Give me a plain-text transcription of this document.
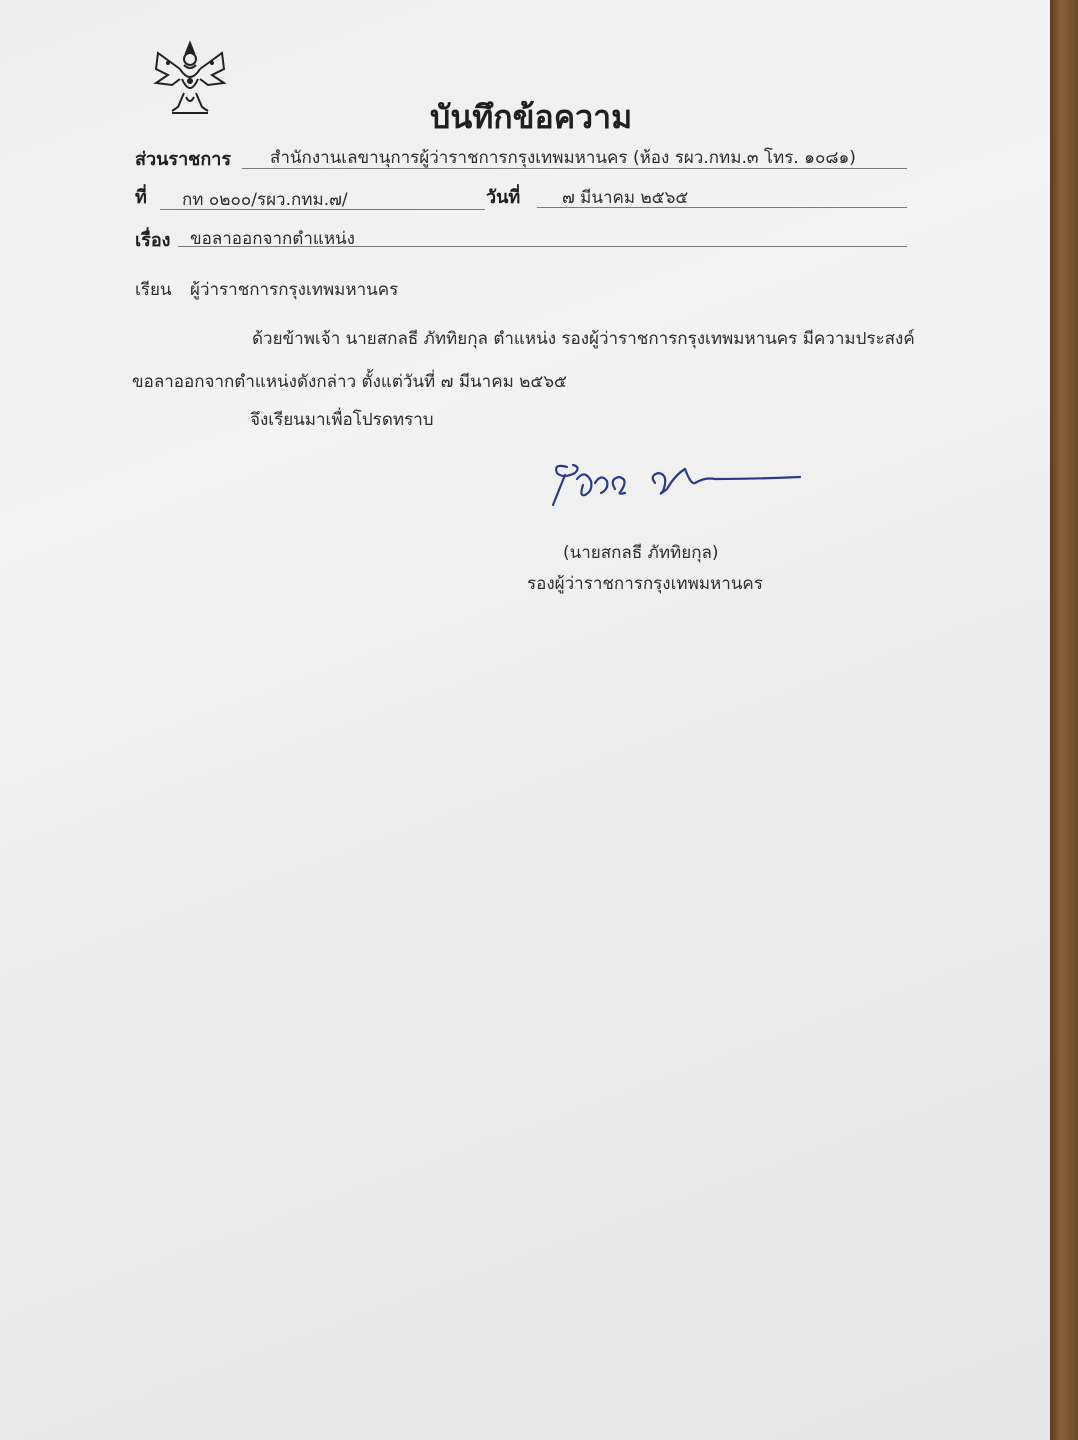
บันทึกข้อความ
ส่วนราชการ สำนักงานเลขานุการผู้ว่าราชการกรุงเทพมหานคร (ห้อง รผว.กทม.๓ โทร. ๑๐๘๑)
ที่ กท ๐๒๐๐/รผว.กทม.๗/	วันที่ ๗ มีนาคม ๒๕๖๕
เรื่อง ขอลาออกจากตำแหน่ง
เรียน ผู้ว่าราชการกรุงเทพมหานคร
ด้วยข้าพเจ้า นายสกลธี ภัททิยกุล ตำแหน่ง รองผู้ว่าราชการกรุงเทพมหานคร มีความประสงค์
ขอลาออกจากตำแหน่งดังกล่าว ตั้งแต่วันที่ ๗ มีนาคม ๒๕๖๕
จึงเรียนมาเพื่อโปรดทราบ
(นายสกลธี ภัททิยกุล)
รองผู้ว่าราชการกรุงเทพมหานคร
